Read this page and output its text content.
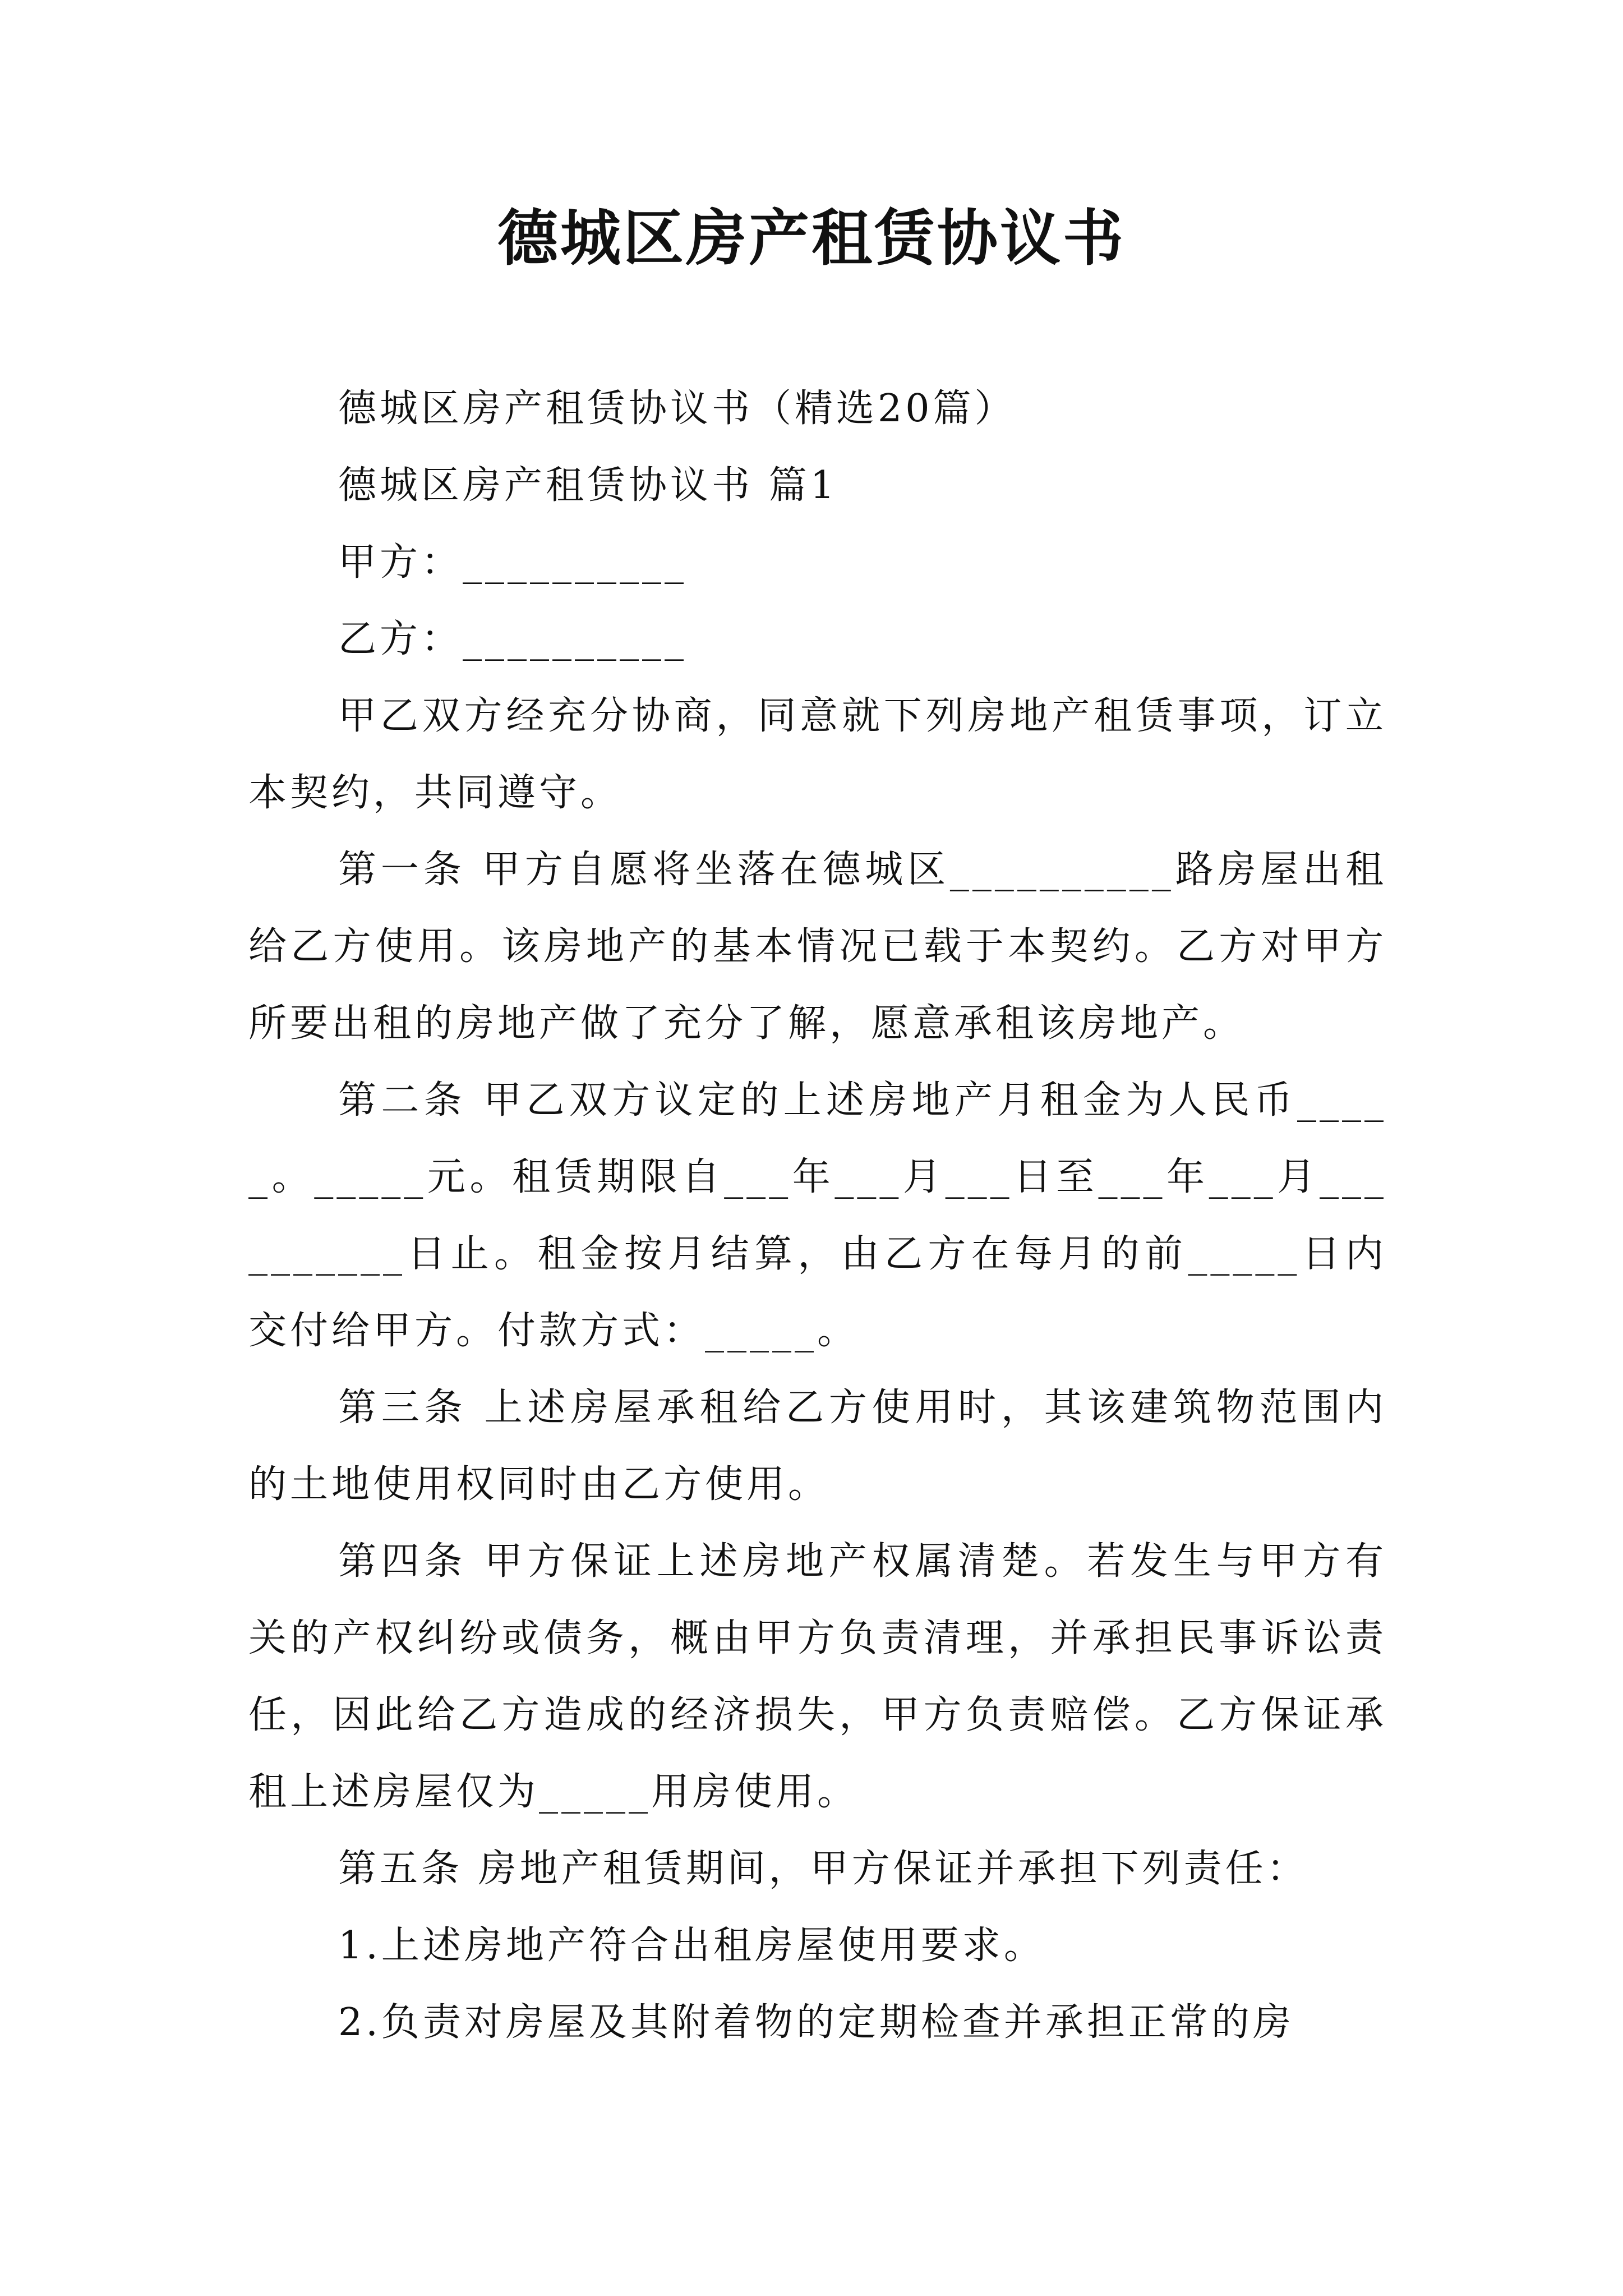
德城区房产租赁协议书

德城区房产租赁协议书（精选20篇）

德城区房产租赁协议书 篇1

甲方：__________

乙方：__________

甲乙双方经充分协商，同意就下列房地产租赁事项，订立本契约，共同遵守。

第一条 甲方自愿将坐落在德城区__________路房屋出租给乙方使用。该房地产的基本情况已载于本契约。乙方对甲方所要出租的房地产做了充分了解，愿意承租该房地产。

第二条 甲乙双方议定的上述房地产月租金为人民币_____。_____元。租赁期限自___年___月___日至___年___月__________日止。租金按月结算，由乙方在每月的前_____日内交付给甲方。付款方式：_____。

第三条 上述房屋承租给乙方使用时，其该建筑物范围内的土地使用权同时由乙方使用。

第四条 甲方保证上述房地产权属清楚。若发生与甲方有关的产权纠纷或债务，概由甲方负责清理，并承担民事诉讼责任，因此给乙方造成的经济损失，甲方负责赔偿。乙方保证承租上述房屋仅为_____用房使用。

第五条 房地产租赁期间，甲方保证并承担下列责任：

1.上述房地产符合出租房屋使用要求。

2.负责对房屋及其附着物的定期检查并承担正常的房
